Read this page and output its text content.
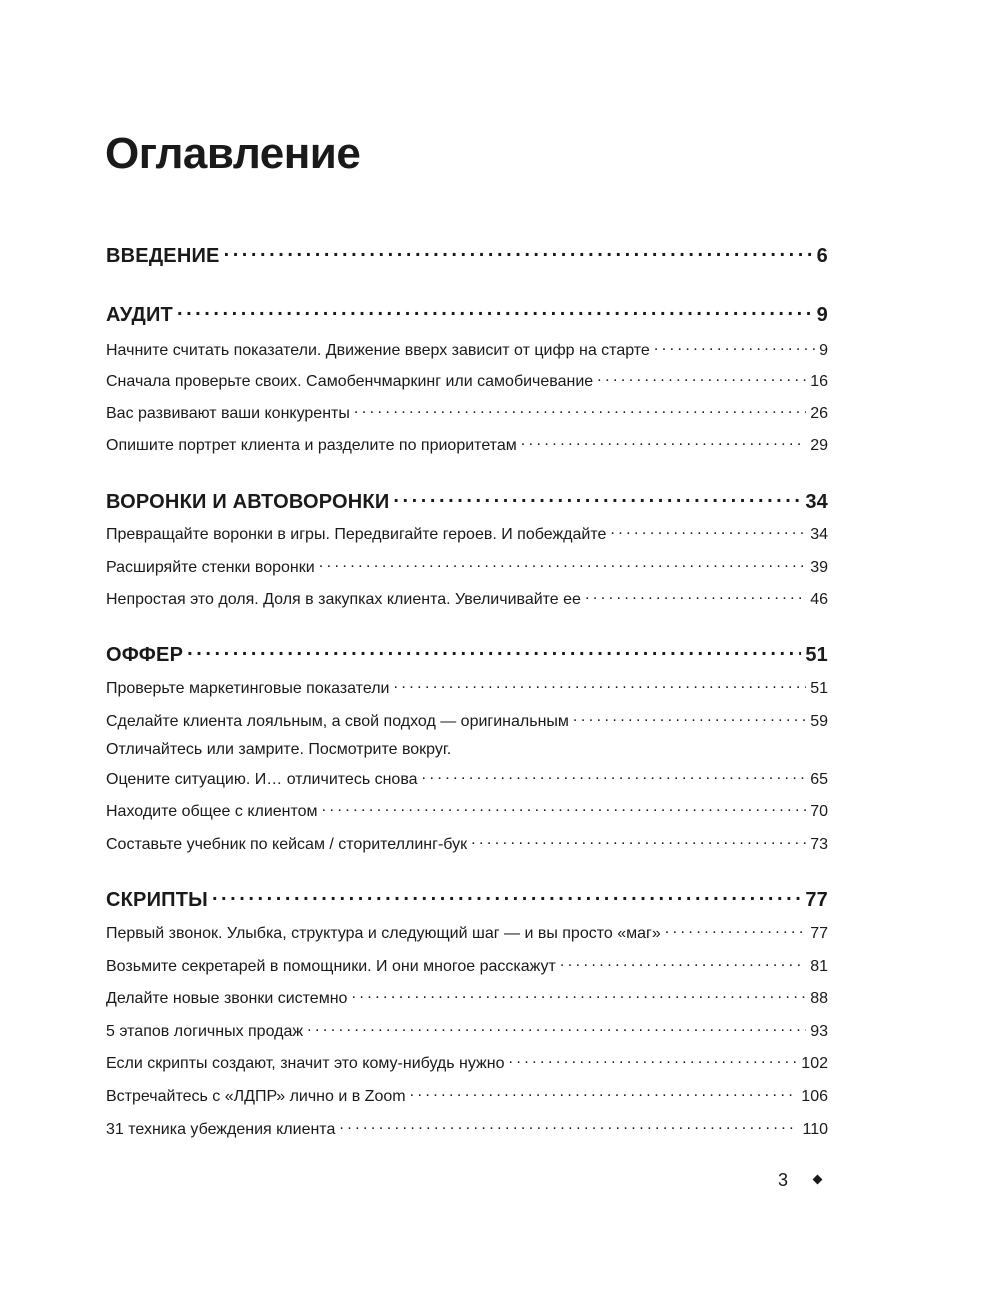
Оглавление
ВВЕДЕНИЕ . . .	6
АУДИТ . . .	9
Начните считать показатели. Движение вверх зависит от цифр на старте . . .	9
Сначала проверьте своих. Самобенчмаркинг или самобичевание . . .	16
Вас развивают ваши конкуренты . . .	26
Опишите портрет клиента и разделите по приоритетам . . .	29
ВОРОНКИ И АВТОВОРОНКИ . . .	34
Превращайте воронки в игры. Передвигайте героев. И побеждайте . . .	34
Расширяйте стенки воронки . . .	39
Непростая это доля. Доля в закупках клиента. Увеличивайте ее . . .	46
ОФФЕР . . .	51
Проверьте маркетинговые показатели . . .	51
Сделайте клиента лояльным, а свой подход — оригинальным . . .	59
Отличайтесь или замрите. Посмотрите вокруг.
Оцените ситуацию. И… отличитесь снова . . .	65
Находите общее с клиентом . . .	70
Составьте учебник по кейсам / сторителлинг-бук . . .	73
СКРИПТЫ . . .	77
Первый звонок. Улыбка, структура и следующий шаг — и вы просто «маг» . . .	77
Возьмите секретарей в помощники. И они многое расскажут . . .	81
Делайте новые звонки системно . . .	88
5 этапов логичных продаж . . .	93
Если скрипты создают, значит это кому-нибудь нужно . . .	102
Встречайтесь с «ЛДПР» лично и в Zoom . . .	106
31 техника убеждения клиента . . .	110
3
